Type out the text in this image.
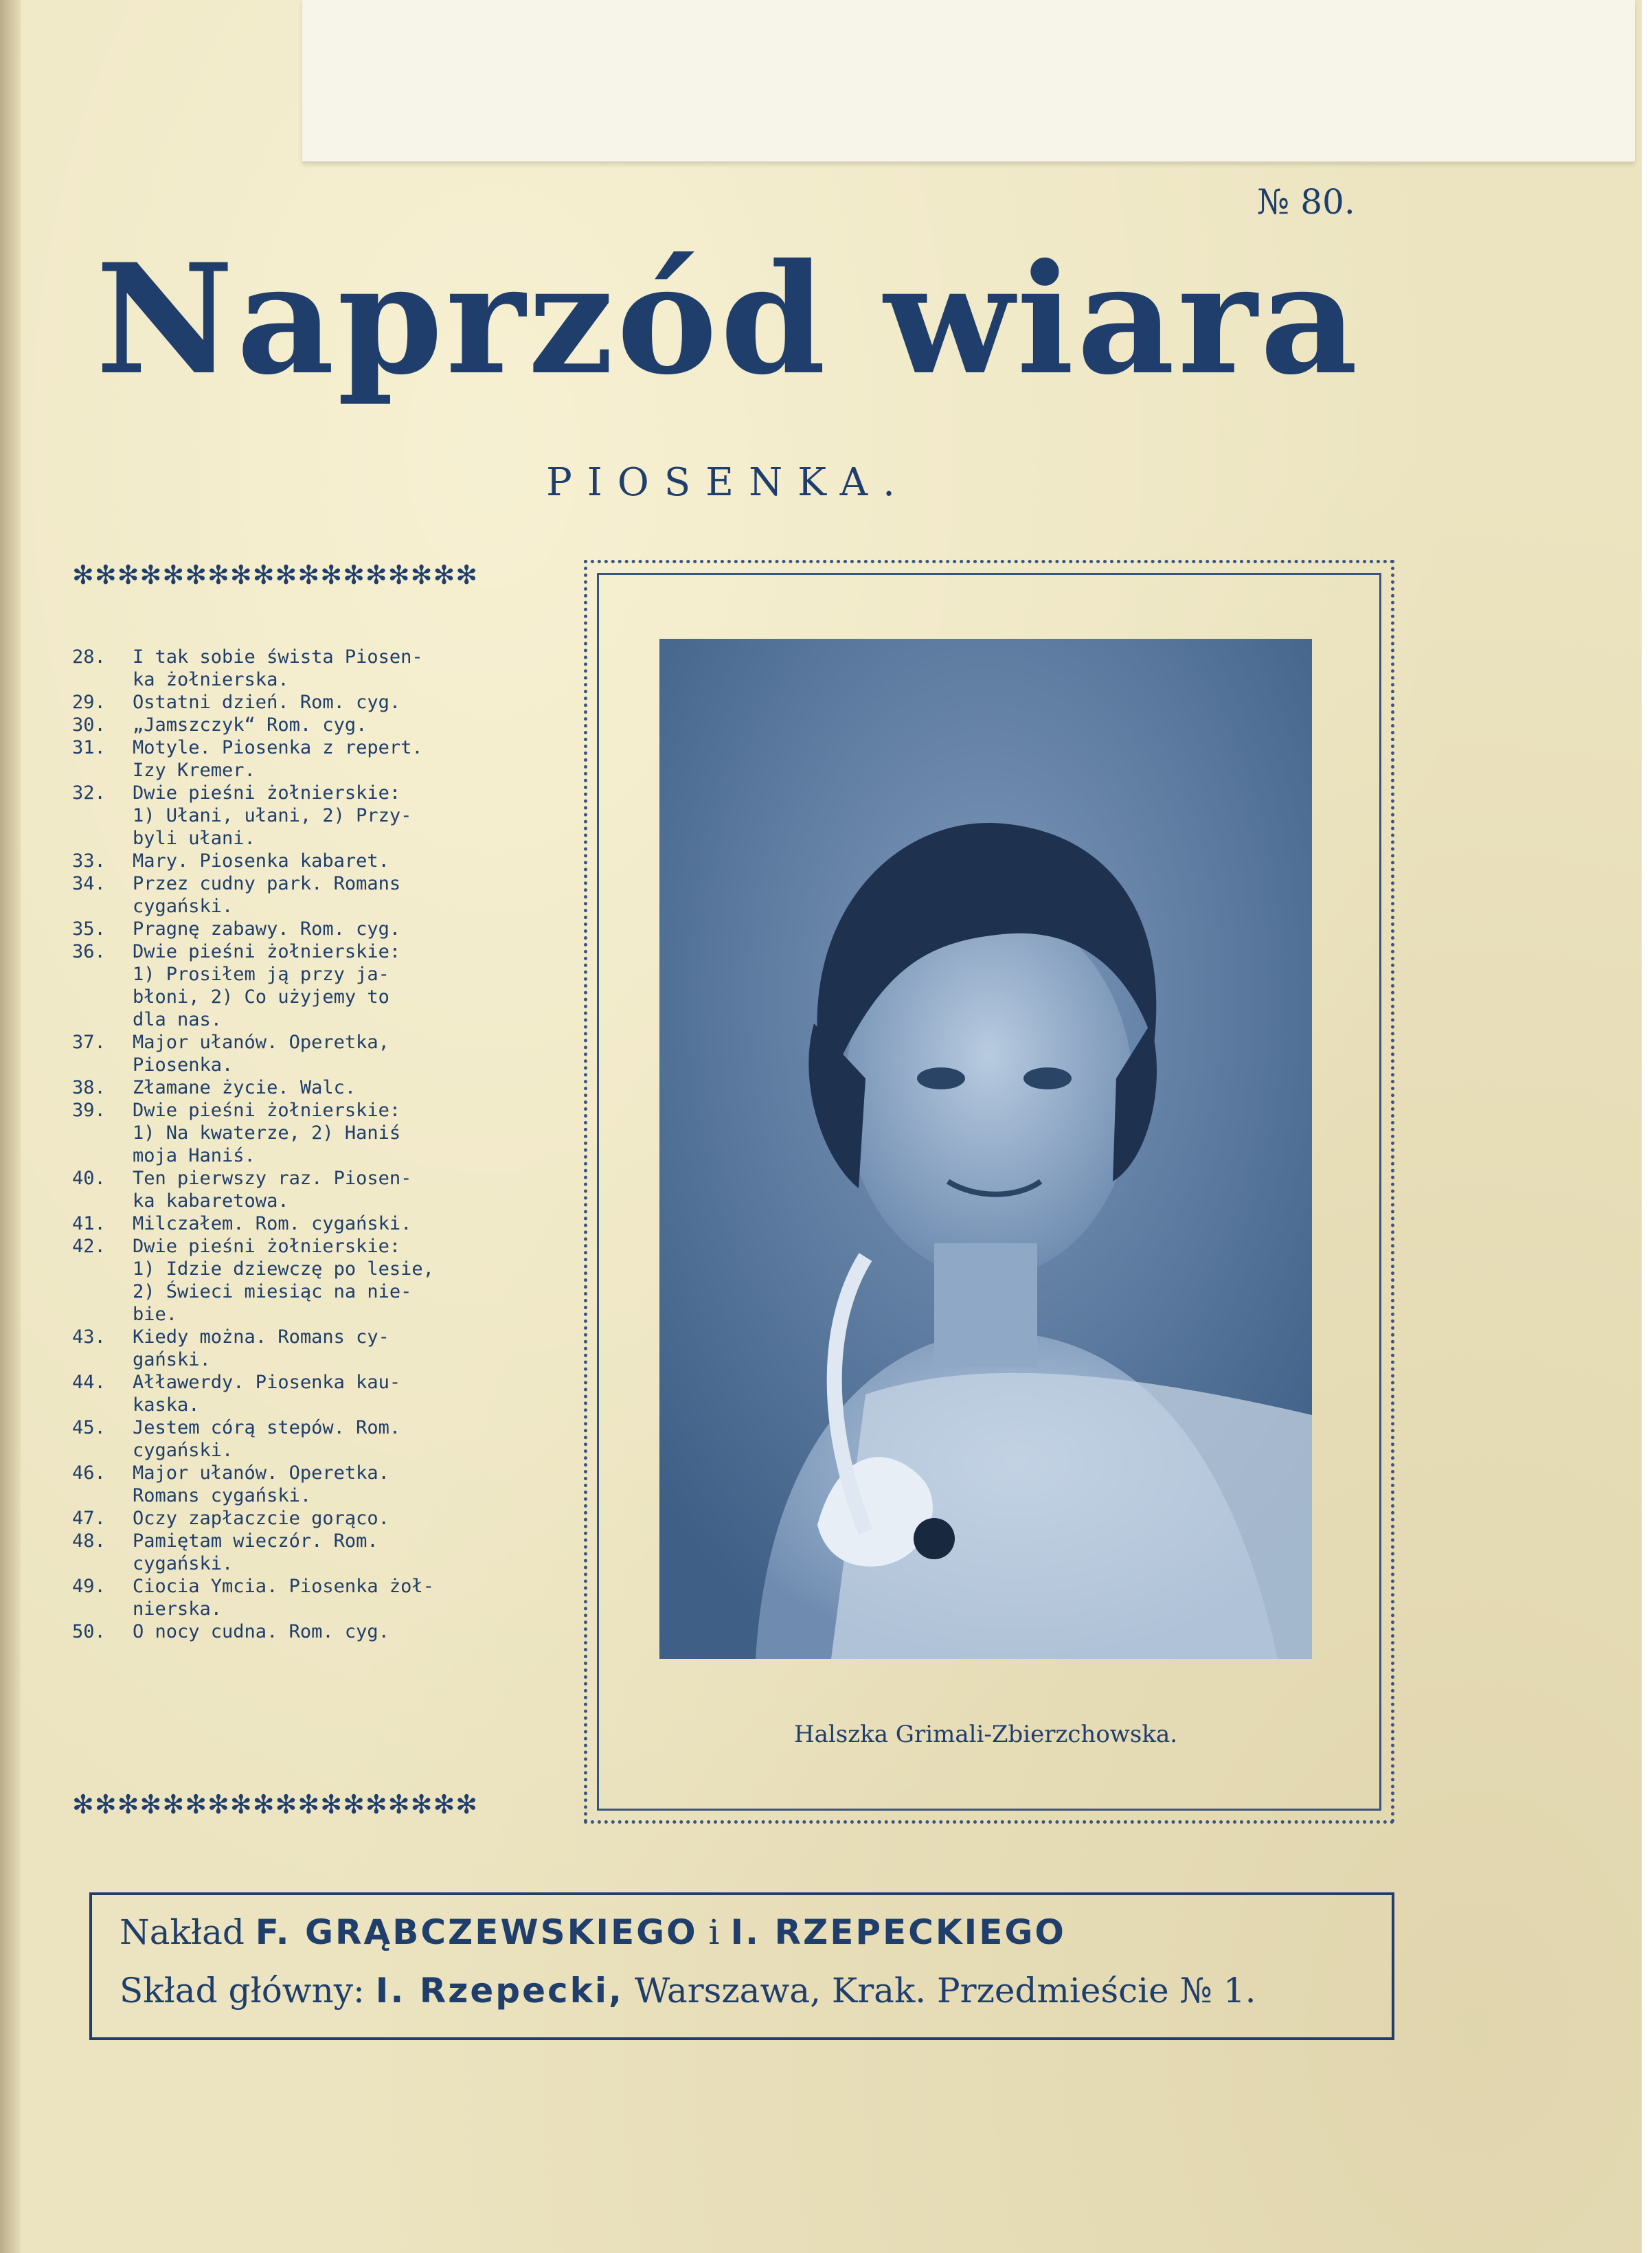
№ 80.
Naprzód wiara
PIOSENKA.
✻✻✻✻✻✻✻✻✻✻✻✻✻✻✻✻✻✻
28.	I tak sobie śwista Piosen-
ka żołnierska.
29.	Ostatni dzień. Rom. cyg.
30.	„Jamszczyk“ Rom. cyg.
31.	Motyle. Piosenka z repert.
Izy Kremer.
32.	Dwie pieśni żołnierskie:
1) Ułani, ułani, 2) Przy-
byli ułani.
33.	Mary. Piosenka kabaret.
34.	Przez cudny park. Romans
cygański.
35.	Pragnę zabawy. Rom. cyg.
36.	Dwie pieśni żołnierskie:
1) Prosiłem ją przy ja-
błoni, 2) Co użyjemy to
dla nas.
37.	Major ułanów. Operetka,
Piosenka.
38.	Złamane życie. Walc.
39.	Dwie pieśni żołnierskie:
1) Na kwaterze, 2) Haniś
moja Haniś.
40.	Ten pierwszy raz. Piosen-
ka kabaretowa.
41.	Milczałem. Rom. cygański.
42.	Dwie pieśni żołnierskie:
1) Idzie dziewczę po lesie,
2) Świeci miesiąc na nie-
bie.
43.	Kiedy można. Romans cy-
gański.
44.	Ałławerdy. Piosenka kau-
kaska.
45.	Jestem córą stepów. Rom.
cygański.
46.	Major ułanów. Operetka.
Romans cygański.
47.	Oczy zapłaczcie gorąco.
48.	Pamiętam wieczór. Rom.
cygański.
49.	Ciocia Ymcia. Piosenka żoł-
nierska.
50.	O nocy cudna. Rom. cyg.
✻✻✻✻✻✻✻✻✻✻✻✻✻✻✻✻✻✻
Halszka Grimali-Zbierzchowska.
Nakład F. GRĄBCZEWSKIEGO i I. RZEPECKIEGO
Skład główny: I. Rzepecki, Warszawa, Krak. Przedmieście № 1.
